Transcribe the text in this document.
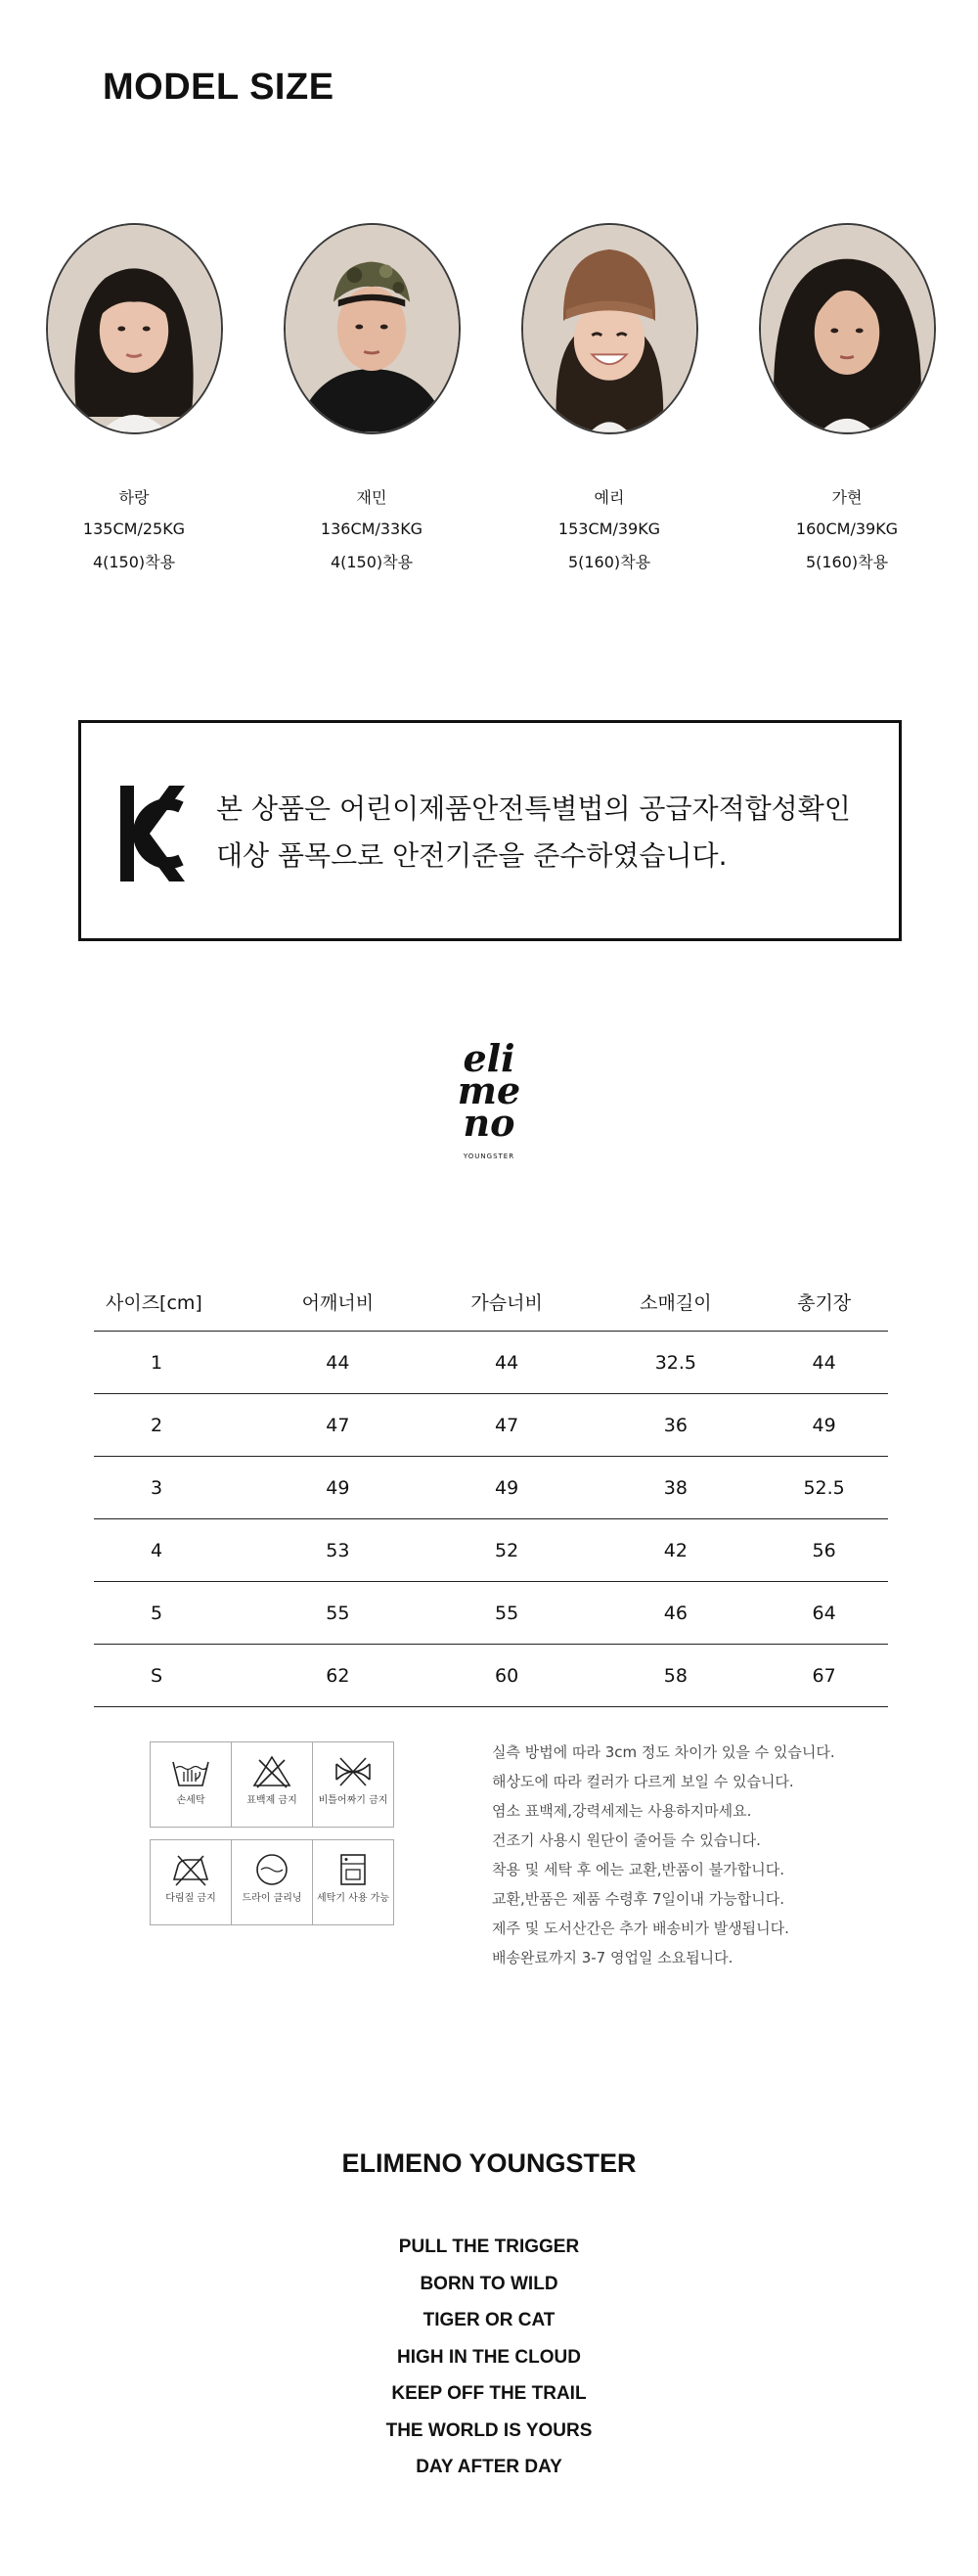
MODEL SIZE
하랑
135CM/25KG
4(150)착용
재민
136CM/33KG
4(150)착용
예리
153CM/39KG
5(160)착용
가현
160CM/39KG
5(160)착용
본 상품은 어린이제품안전특별법의 공급자적합성확인
대상 품목으로 안전기준을 준수하였습니다.
eli
me
no
YOUNGSTER
사이즈[cm]	어깨너비	가슴너비	소매길이	총기장
1	44	44	32.5	44
2	47	47	36	49
3	49	49	38	52.5
4	53	52	42	56
5	55	55	46	64
S	62	60	58	67
손세탁	표백제 금지 비틀어짜기 금지
다림질 금지	드라이 클리닝 세탁기 사용 가능
실측 방법에 따라 3cm 정도 차이가 있을 수 있습니다.
해상도에 따라 컬러가 다르게 보일 수 있습니다.
염소 표백제,강력세제는 사용하지마세요.
건조기 사용시 원단이 줄어들 수 있습니다.
착용 및 세탁 후 에는 교환,반품이 불가합니다.
교환,반품은 제품 수령후 7일이내 가능합니다.
제주 및 도서산간은 추가 배송비가 발생됩니다.
배송완료까지 3-7 영업일 소요됩니다.
ELIMENO YOUNGSTER
PULL THE TRIGGER
BORN TO WILD
TIGER OR CAT
HIGH IN THE CLOUD
KEEP OFF THE TRAIL
THE WORLD IS YOURS
DAY AFTER DAY
